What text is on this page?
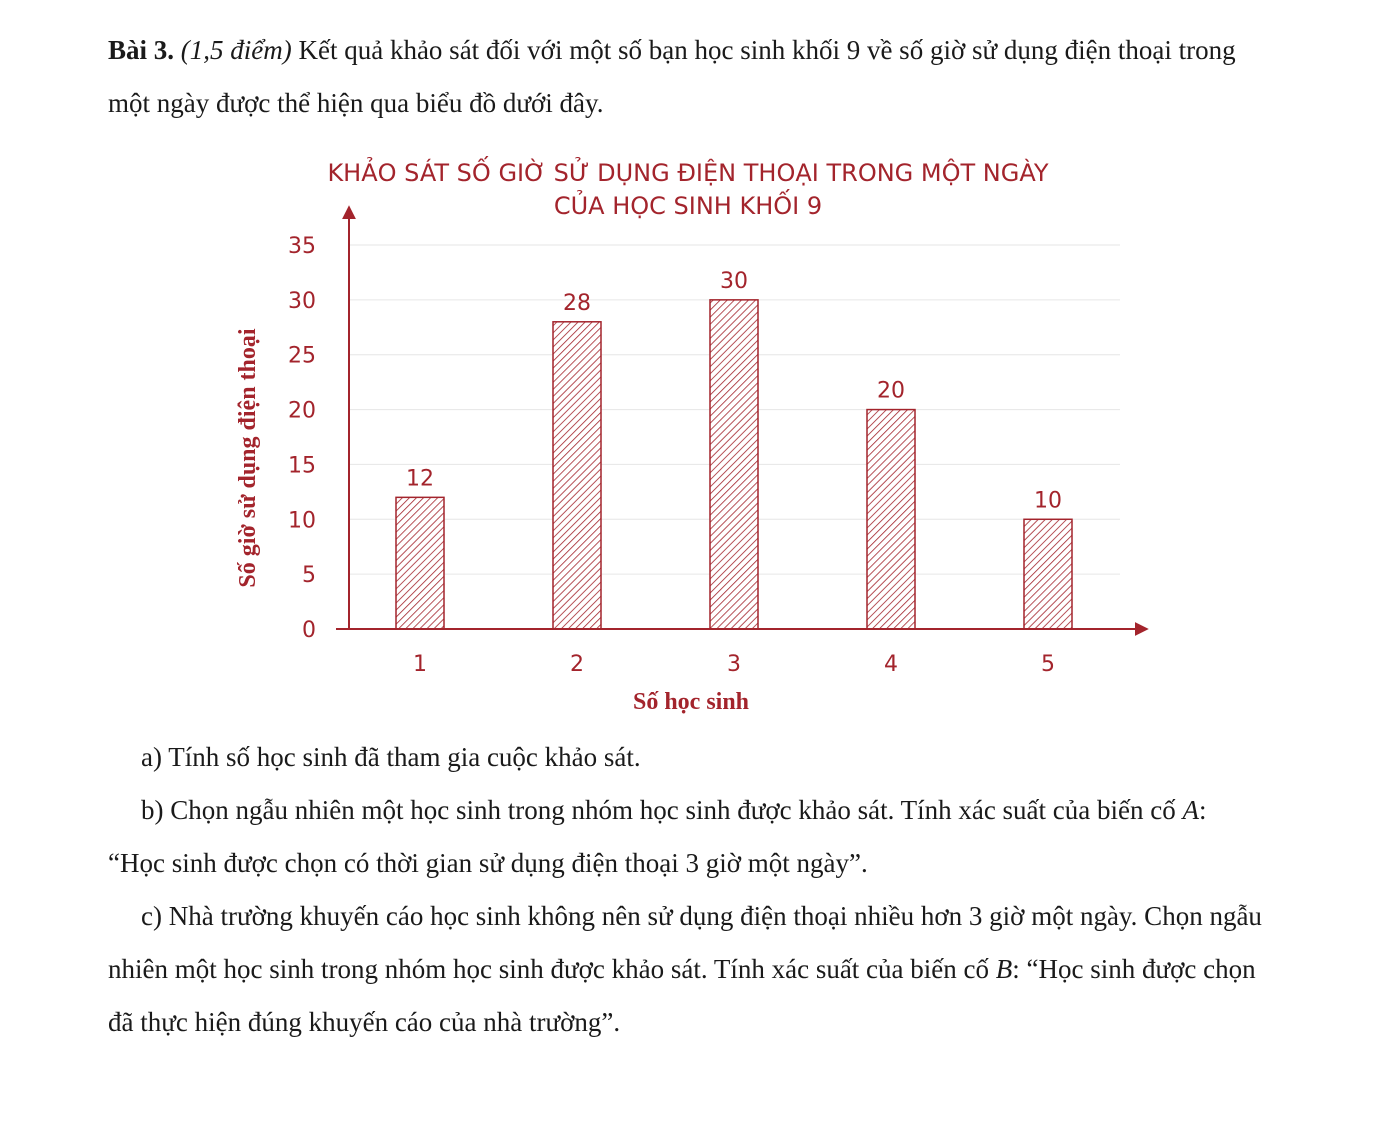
Bài 3. (1,5 điểm) Kết quả khảo sát đối với một số bạn học sinh khối 9 về số giờ sử dụng điện thoại trong một ngày được thể hiện qua biểu đồ dưới đây.

KHẢO SÁT SỐ GIỜ SỬ DỤNG ĐIỆN THOẠI TRONG MỘT NGÀY
CỦA HỌC SINH KHỐI 9
12
28
30
20
10
0
5
10
15
20
25
30
35
1	2	3	4	5
Số học sinh
Số giờ sử dụng điện thoại

a) Tính số học sinh đã tham gia cuộc khảo sát.

b) Chọn ngẫu nhiên một học sinh trong nhóm học sinh được khảo sát. Tính xác suất của biến cố A: “Học sinh được chọn có thời gian sử dụng điện thoại 3 giờ một ngày”.

c) Nhà trường khuyến cáo học sinh không nên sử dụng điện thoại nhiều hơn 3 giờ một ngày. Chọn ngẫu nhiên một học sinh trong nhóm học sinh được khảo sát. Tính xác suất của biến cố B: “Học sinh được chọn đã thực hiện đúng khuyến cáo của nhà trường”.
